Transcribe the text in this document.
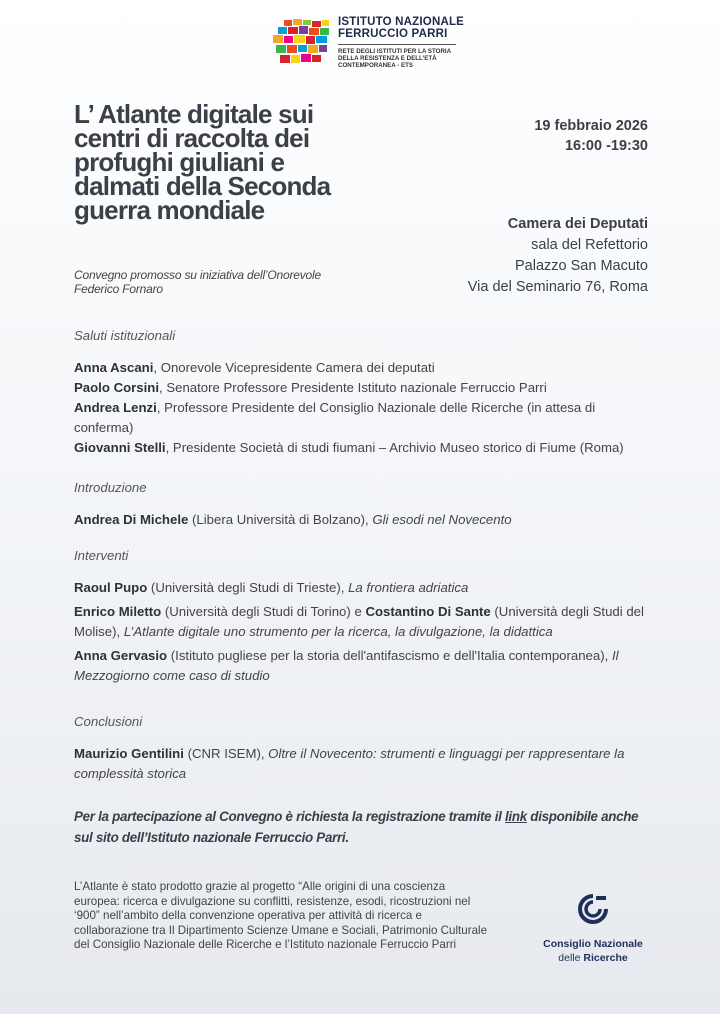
ISTITUTO NAZIONALE
FERRUCCIO PARRI
RETE DEGLI ISTITUTI PER LA STORIA
DELLA RESISTENZA E DELL'ETÀ
CONTEMPORANEA - ETS
L’ Atlante digitale sui
centri di raccolta dei
profughi giuliani e
dalmati della Seconda
guerra mondiale
Convegno promosso su iniziativa dell’Onorevole
Federico Fornaro
19 febbraio 2026
16:00 -19:30
Camera dei Deputati
sala del Refettorio
Palazzo San Macuto
Via del Seminario 76, Roma
Saluti istituzionali

Anna Ascani, Onorevole Vicepresidente Camera dei deputati

Paolo Corsini, Senatore Professore Presidente Istituto nazionale Ferruccio Parri

Andrea Lenzi, Professore Presidente del Consiglio Nazionale delle Ricerche (in attesa di conferma)

Giovanni Stelli, Presidente Società di studi fiumani – Archivio Museo storico di Fiume (Roma)

Introduzione

Andrea Di Michele (Libera Università di Bolzano), Gli esodi nel Novecento

Interventi

Raoul Pupo (Università degli Studi di Trieste), La frontiera adriatica

Enrico Miletto (Università degli Studi di Torino) e Costantino Di Sante (Università degli Studi del Molise), L’Atlante digitale uno strumento per la ricerca, la divulgazione, la didattica

Anna Gervasio (Istituto pugliese per la storia dell'antifascismo e dell'Italia contemporanea), Il Mezzogiorno come caso di studio

Conclusioni

Maurizio Gentilini (CNR ISEM), Oltre il Novecento: strumenti e linguaggi per rappresentare la complessità storica

Per la partecipazione al Convegno è richiesta la registrazione tramite il link disponibile anche sul sito dell’Istituto nazionale Ferruccio Parri.
L’Atlante è stato prodotto grazie al progetto “Alle origini di una coscienza europea: ricerca e divulgazione su conflitti, resistenze, esodi, ricostruzioni nel ‘900” nell’ambito della convenzione operativa per attività di ricerca e collaborazione tra Il Dipartimento Scienze Umane e Sociali, Patrimonio Culturale del Consiglio Nazionale delle Ricerche e l’Istituto nazionale Ferruccio Parri	Consiglio Nazionale
delle Ricerche
